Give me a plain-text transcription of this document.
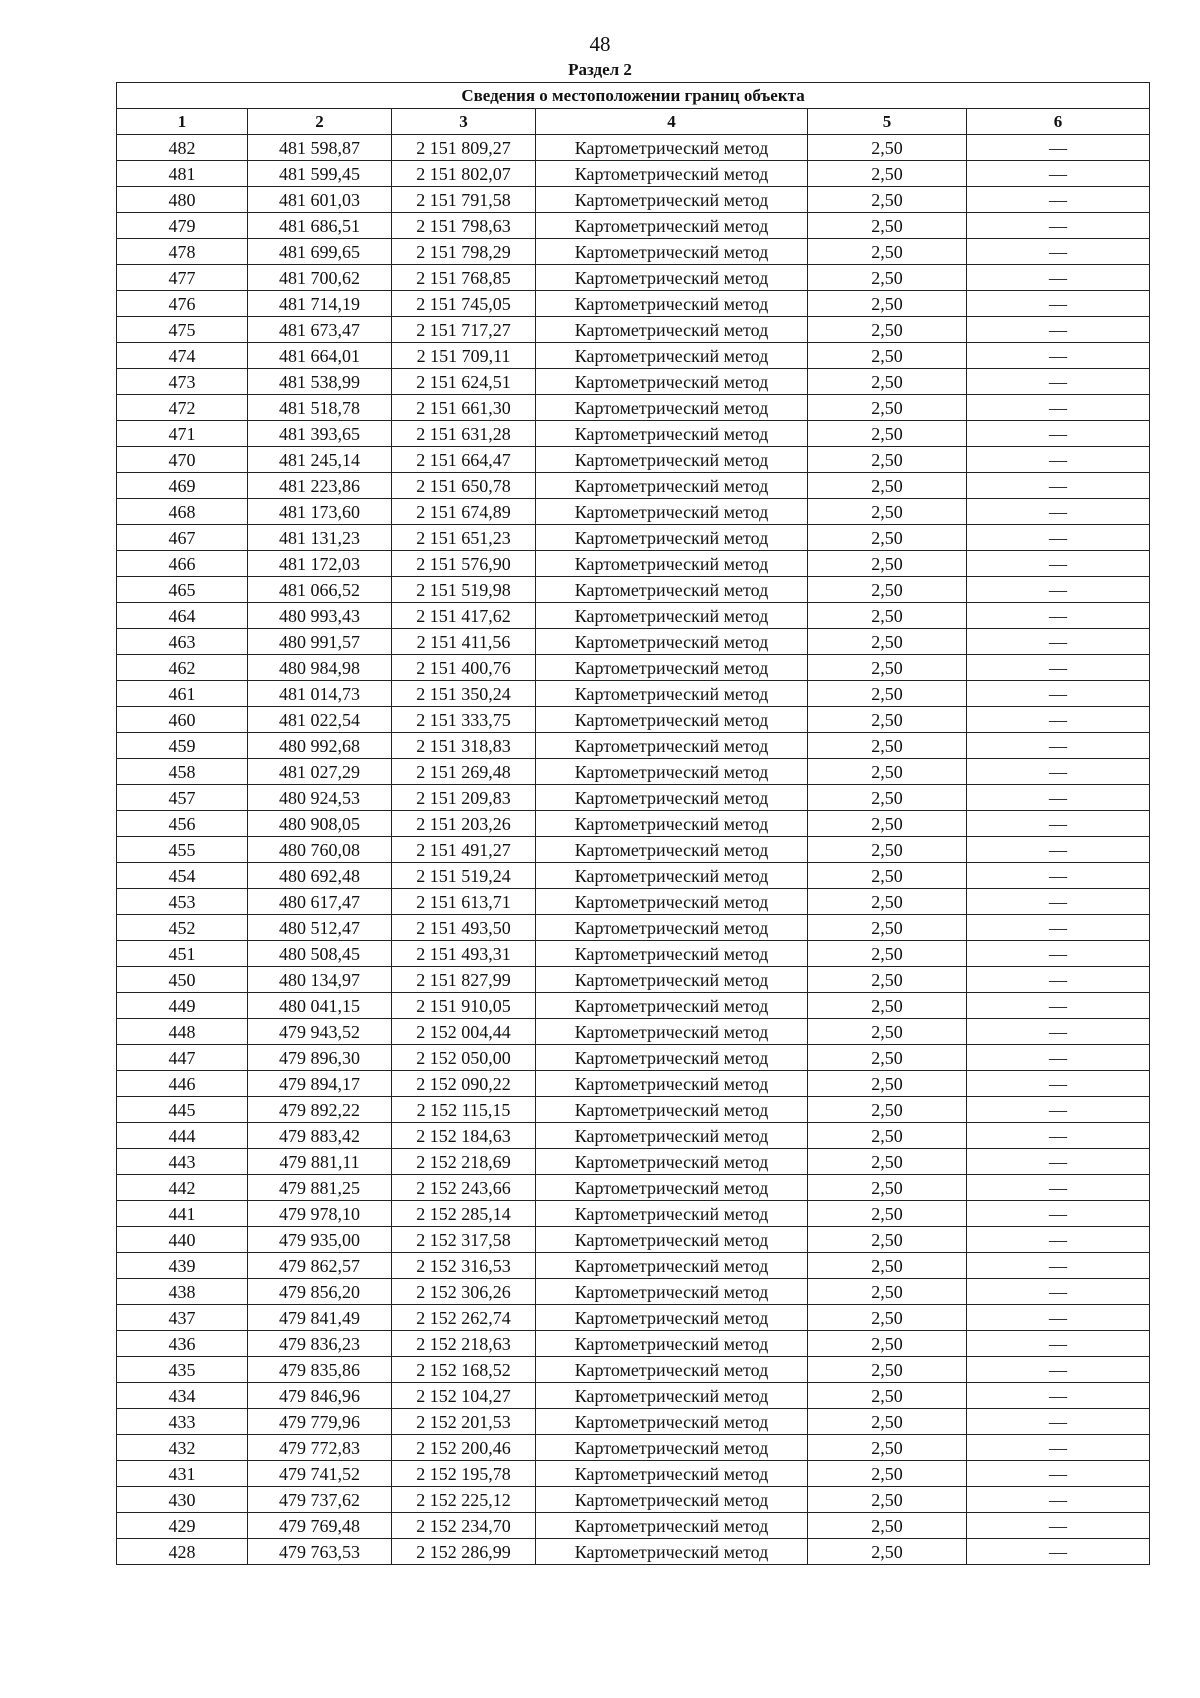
48
Раздел 2
Сведения о местоположении границ объекта					
1	2	3	4	5	6
482	481 598,87	2 151 809,27	Картометрический метод	2,50	—
481	481 599,45	2 151 802,07	Картометрический метод	2,50	—
480	481 601,03	2 151 791,58	Картометрический метод	2,50	—
479	481 686,51	2 151 798,63	Картометрический метод	2,50	—
478	481 699,65	2 151 798,29	Картометрический метод	2,50	—
477	481 700,62	2 151 768,85	Картометрический метод	2,50	—
476	481 714,19	2 151 745,05	Картометрический метод	2,50	—
475	481 673,47	2 151 717,27	Картометрический метод	2,50	—
474	481 664,01	2 151 709,11	Картометрический метод	2,50	—
473	481 538,99	2 151 624,51	Картометрический метод	2,50	—
472	481 518,78	2 151 661,30	Картометрический метод	2,50	—
471	481 393,65	2 151 631,28	Картометрический метод	2,50	—
470	481 245,14	2 151 664,47	Картометрический метод	2,50	—
469	481 223,86	2 151 650,78	Картометрический метод	2,50	—
468	481 173,60	2 151 674,89	Картометрический метод	2,50	—
467	481 131,23	2 151 651,23	Картометрический метод	2,50	—
466	481 172,03	2 151 576,90	Картометрический метод	2,50	—
465	481 066,52	2 151 519,98	Картометрический метод	2,50	—
464	480 993,43	2 151 417,62	Картометрический метод	2,50	—
463	480 991,57	2 151 411,56	Картометрический метод	2,50	—
462	480 984,98	2 151 400,76	Картометрический метод	2,50	—
461	481 014,73	2 151 350,24	Картометрический метод	2,50	—
460	481 022,54	2 151 333,75	Картометрический метод	2,50	—
459	480 992,68	2 151 318,83	Картометрический метод	2,50	—
458	481 027,29	2 151 269,48	Картометрический метод	2,50	—
457	480 924,53	2 151 209,83	Картометрический метод	2,50	—
456	480 908,05	2 151 203,26	Картометрический метод	2,50	—
455	480 760,08	2 151 491,27	Картометрический метод	2,50	—
454	480 692,48	2 151 519,24	Картометрический метод	2,50	—
453	480 617,47	2 151 613,71	Картометрический метод	2,50	—
452	480 512,47	2 151 493,50	Картометрический метод	2,50	—
451	480 508,45	2 151 493,31	Картометрический метод	2,50	—
450	480 134,97	2 151 827,99	Картометрический метод	2,50	—
449	480 041,15	2 151 910,05	Картометрический метод	2,50	—
448	479 943,52	2 152 004,44	Картометрический метод	2,50	—
447	479 896,30	2 152 050,00	Картометрический метод	2,50	—
446	479 894,17	2 152 090,22	Картометрический метод	2,50	—
445	479 892,22	2 152 115,15	Картометрический метод	2,50	—
444	479 883,42	2 152 184,63	Картометрический метод	2,50	—
443	479 881,11	2 152 218,69	Картометрический метод	2,50	—
442	479 881,25	2 152 243,66	Картометрический метод	2,50	—
441	479 978,10	2 152 285,14	Картометрический метод	2,50	—
440	479 935,00	2 152 317,58	Картометрический метод	2,50	—
439	479 862,57	2 152 316,53	Картометрический метод	2,50	—
438	479 856,20	2 152 306,26	Картометрический метод	2,50	—
437	479 841,49	2 152 262,74	Картометрический метод	2,50	—
436	479 836,23	2 152 218,63	Картометрический метод	2,50	—
435	479 835,86	2 152 168,52	Картометрический метод	2,50	—
434	479 846,96	2 152 104,27	Картометрический метод	2,50	—
433	479 779,96	2 152 201,53	Картометрический метод	2,50	—
432	479 772,83	2 152 200,46	Картометрический метод	2,50	—
431	479 741,52	2 152 195,78	Картометрический метод	2,50	—
430	479 737,62	2 152 225,12	Картометрический метод	2,50	—
429	479 769,48	2 152 234,70	Картометрический метод	2,50	—
428	479 763,53	2 152 286,99	Картометрический метод	2,50	—
